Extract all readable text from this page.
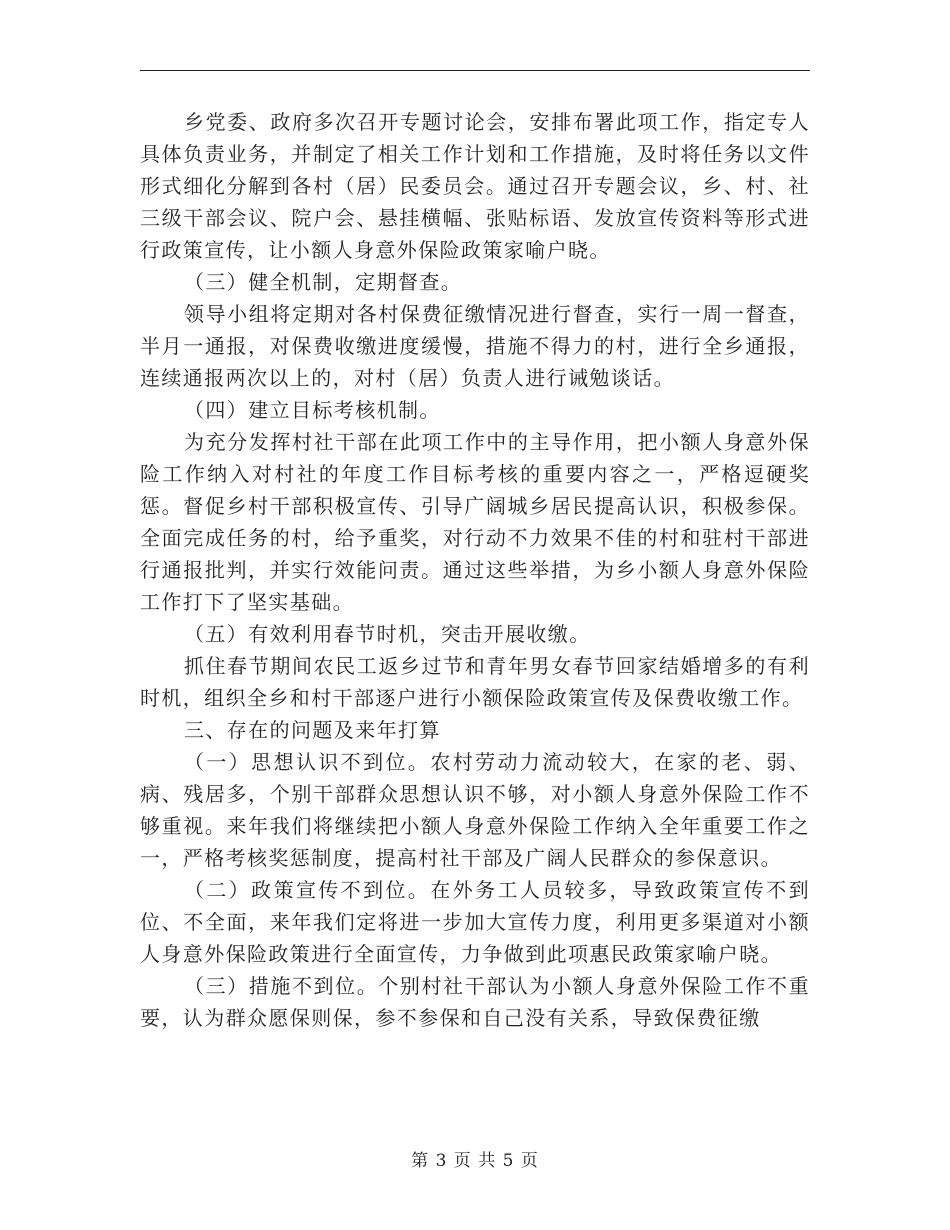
乡党委、政府多次召开专题讨论会，安排布署此项工作，指定专人具体负责业务，并制定了相关工作计划和工作措施，及时将任务以文件形式细化分解到各村（居）民委员会。通过召开专题会议，乡、村、社三级干部会议、院户会、悬挂横幅、张贴标语、发放宣传资料等形式进行政策宣传，让小额人身意外保险政策家喻户晓。

（三）健全机制，定期督查。

领导小组将定期对各村保费征缴情况进行督查，实行一周一督查，半月一通报，对保费收缴进度缓慢，措施不得力的村，进行全乡通报，连续通报两次以上的，对村（居）负责人进行诫勉谈话。

（四）建立目标考核机制。

为充分发挥村社干部在此项工作中的主导作用，把小额人身意外保险工作纳入对村社的年度工作目标考核的重要内容之一，严格逗硬奖惩。督促乡村干部积极宣传、引导广阔城乡居民提高认识，积极参保。全面完成任务的村，给予重奖，对行动不力效果不佳的村和驻村干部进行通报批判，并实行效能问责。通过这些举措，为乡小额人身意外保险工作打下了坚实基础。

（五）有效利用春节时机，突击开展收缴。

抓住春节期间农民工返乡过节和青年男女春节回家结婚增多的有利时机，组织全乡和村干部逐户进行小额保险政策宣传及保费收缴工作。

三、存在的问题及来年打算

（一）思想认识不到位。农村劳动力流动较大，在家的老、弱、病、残居多，个别干部群众思想认识不够，对小额人身意外保险工作不够重视。来年我们将继续把小额人身意外保险工作纳入全年重要工作之一，严格考核奖惩制度，提高村社干部及广阔人民群众的参保意识。

（二）政策宣传不到位。在外务工人员较多，导致政策宣传不到位、不全面，来年我们定将进一步加大宣传力度，利用更多渠道对小额人身意外保险政策进行全面宣传，力争做到此项惠民政策家喻户晓。

（三）措施不到位。个别村社干部认为小额人身意外保险工作不重要，认为群众愿保则保，参不参保和自己没有关系，导致保费征缴

第 3 页 共 5 页
